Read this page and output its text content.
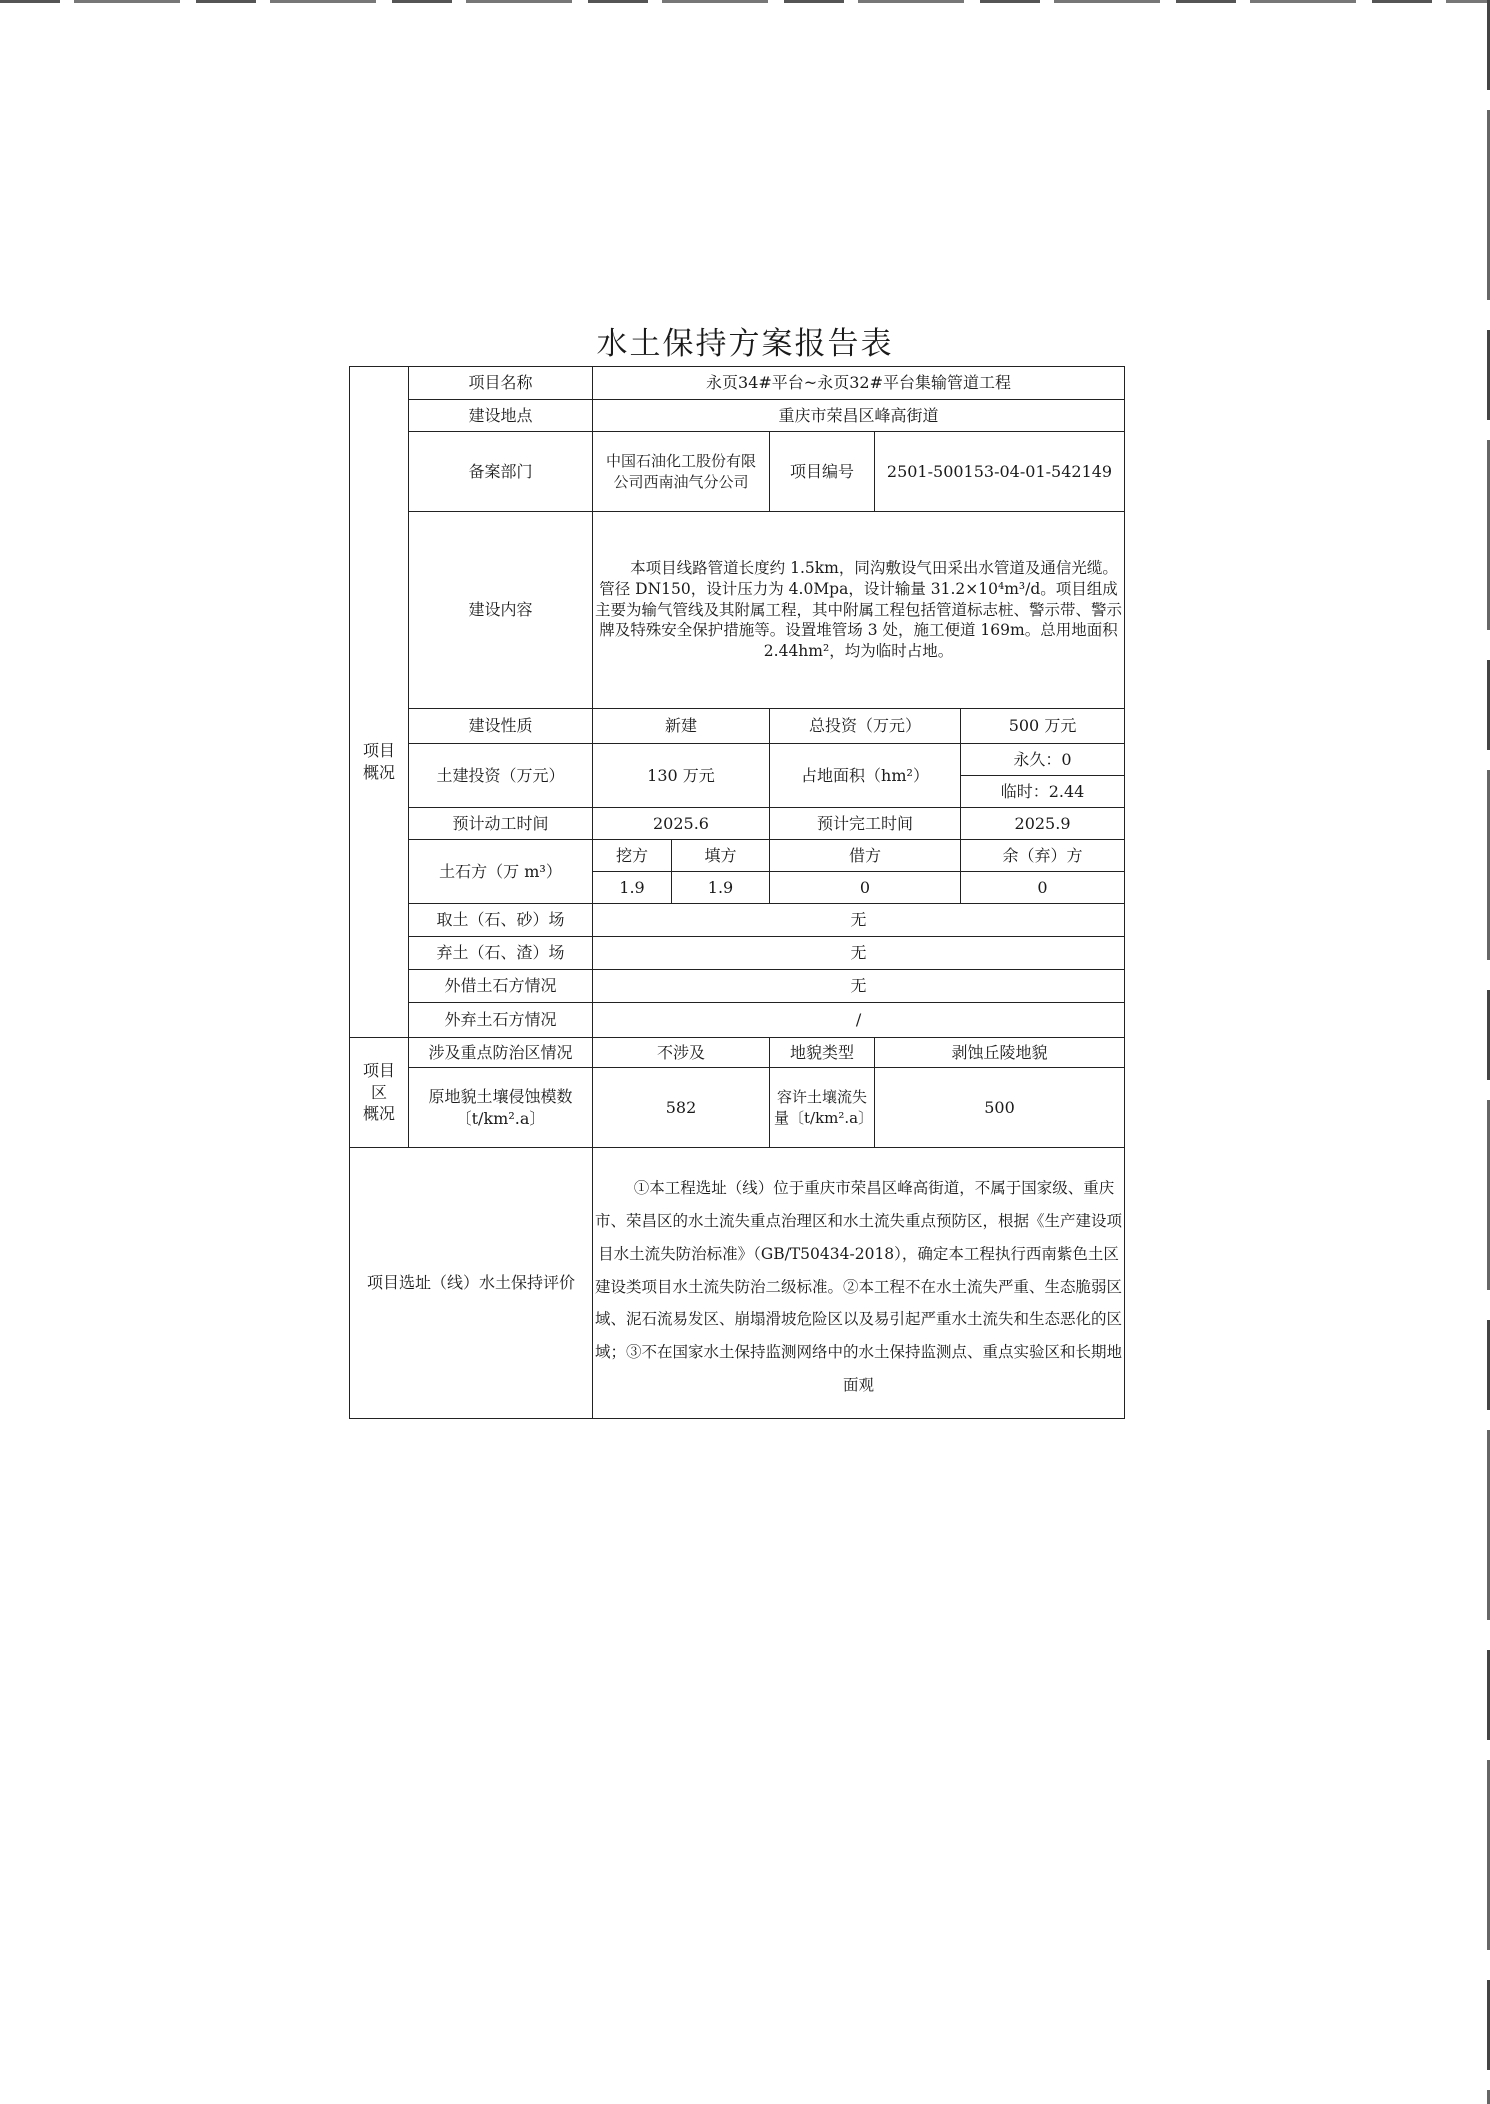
水土保持方案报告表
项目
概况	项目名称	永页34#平台~永页32#平台集输管道工程				
	建设地点	重庆市荣昌区峰高街道				
	备案部门	中国石油化工股份有限公司西南油气分公司		项目编号	2501-500153-04-01-542149	
	建设内容	本项目线路管道长度约 1.5km，同沟敷设气田采出水管道及通信光缆。管径 DN150，设计压力为 4.0Mpa，设计输量 31.2×10⁴m³/d。项目组成主要为输气管线及其附属工程，其中附属工程包括管道标志桩、警示带、警示牌及特殊安全保护措施等。设置堆管场 3 处，施工便道 169m。总用地面积 2.44hm²，均为临时占地。				
	建设性质	新建		总投资（万元）		500 万元
	土建投资（万元）	130 万元		占地面积（hm²）		永久：0
						临时：2.44
	预计动工时间	2025.6		预计完工时间		2025.9
	土石方（万 m³）	挖方	填方	借方		余（弃）方
		1.9	1.9	0		0
	取土（石、砂）场	无				
	弃土（石、渣）场	无				
	外借土石方情况	无				
	外弃土石方情况	/				
项目
区
概况	涉及重点防治区情况	不涉及		地貌类型	剥蚀丘陵地貌	
	原地貌土壤侵蚀模数〔t/km².a〕	582		容许土壤流失量〔t/km².a〕	500	
项目选址（线）水土保持评价		①本工程选址（线）位于重庆市荣昌区峰高街道，不属于国家级、重庆市、荣昌区的水土流失重点治理区和水土流失重点预防区，根据《生产建设项目水土流失防治标准》（GB/T50434-2018），确定本工程执行西南紫色土区建设类项目水土流失防治二级标准。②本工程不在水土流失严重、生态脆弱区域、泥石流易发区、崩塌滑坡危险区以及易引起严重水土流失和生态恶化的区域；③不在国家水土保持监测网络中的水土保持监测点、重点实验区和长期地面观				
